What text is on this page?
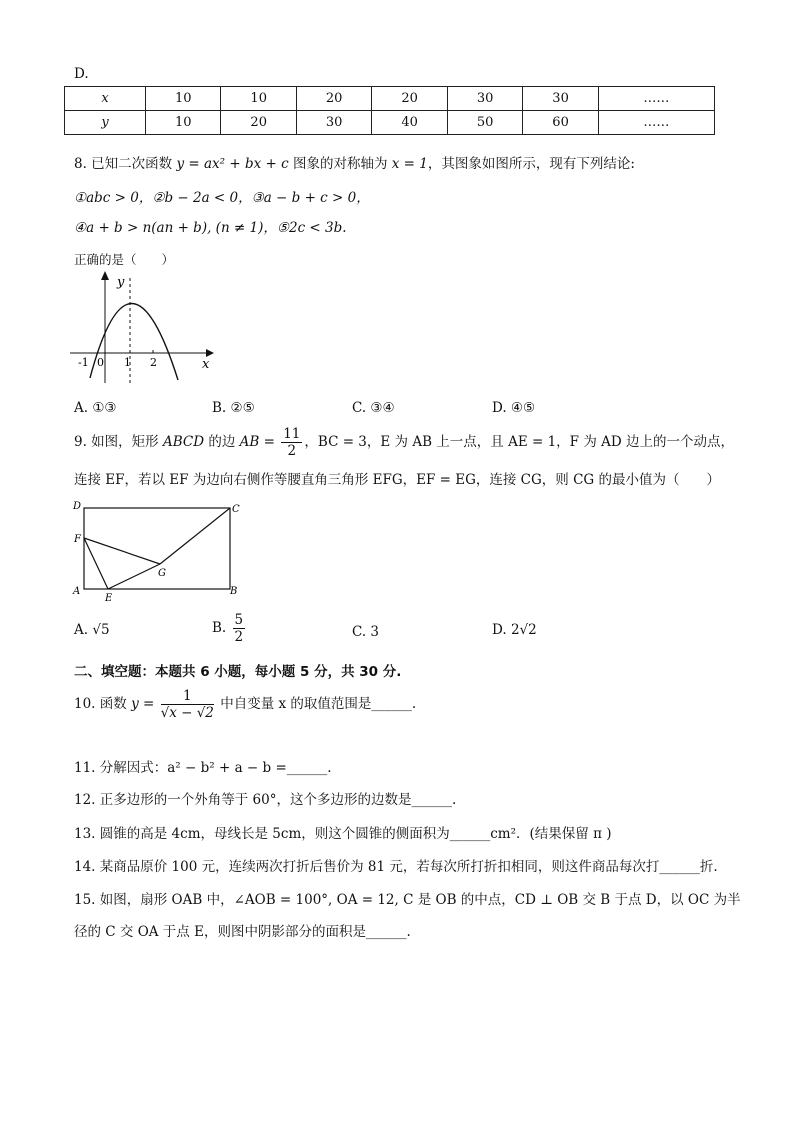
D.
x	10	10	20	20	30	30	……
y	10	20	30	40	50	60	……
8. 已知二次函数 y = ax² + bx + c 图象的对称轴为 x = 1，其图象如图所示，现有下列结论:
①abc > 0，②b − 2a < 0，③a − b + c > 0，
④a + b > n(an + b), (n ≠ 1)，⑤2c < 3b.
正确的是（　　）
y
x
-1 0 1 2
A. ①③	B. ②⑤	C. ③④	D. ④⑤
9. 如图，矩形 ABCD 的边 AB = $\frac{11}{2}$ ，BC = 3，E 为 AB 上一点，且 AE = 1，F 为 AD 边上的一个动点，
连接 EF，若以 EF 为边向右侧作等腰直角三角形 EFG，EF = EG，连接 CG，则 CG 的最小值为（　　）
D	C
F
G
A
E
B
A. √5	B. $\frac{5}{2}$	C. 3	D. 2√2
二、填空题：本题共 6 小题，每小题 5 分，共 30 分.
10. 函数 $y = \frac{1}{√x - √2}$ 中自变量 x 的取值范围是______.
11. 分解因式：a² − b² + a − b =______.
12. 正多边形的一个外角等于 60°，这个多边形的边数是______.
13. 圆锥的高是 4cm，母线长是 5cm，则这个圆锥的侧面积为______cm²．(结果保留 π )
14. 某商品原价 100 元，连续两次打折后售价为 81 元，若每次所打折扣相同，则这件商品每次打______折.
15. 如图，扇形 OAB 中，∠AOB = 100°, OA = 12, C 是 OB 的中点，CD ⊥ OB 交 B 于点 D，以 OC 为半
径的 C 交 OA 于点 E，则图中阴影部分的面积是______.
